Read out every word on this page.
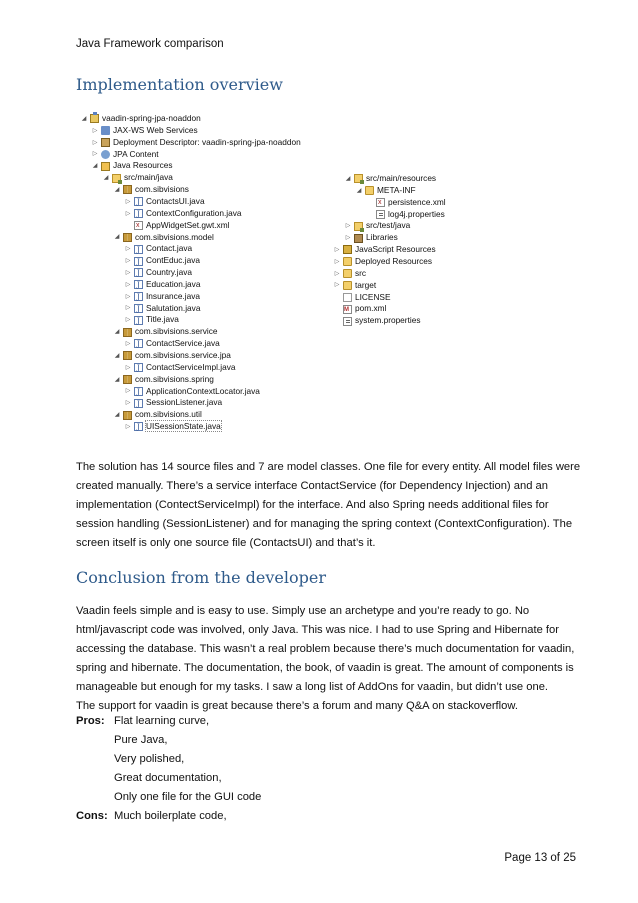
Java Framework comparison
Implementation overview
◢ vaadin-spring-jpa-noaddon
▷ JAX-WS Web Services
▷ Deployment Descriptor: vaadin-spring-jpa-noaddon
▷ JPA Content
◢ Java Resources
◢ src/main/java
◢ com.sibvisions
▷ J ContactsUI.java
▷ J ContextConfiguration.java
xAppWidgetSet.gwt.xml
◢ com.sibvisions.model
▷ J Contact.java
▷ J ContEduc.java
▷ J Country.java
▷ J Education.java
▷ J Insurance.java
▷ J Salutation.java
▷ J Title.java
◢ com.sibvisions.service
▷ J ContactService.java
◢ com.sibvisions.service.jpa
▷ J ContactServiceImpl.java
◢ com.sibvisions.spring
▷ J ApplicationContextLocator.java
▷ J SessionListener.java
◢ com.sibvisions.util
▷ J UISessionState.java
◢ src/main/resources
◢ META-INF
xpersistence.xml
log4j.properties
▷ src/test/java
▷ Libraries
▷ JavaScript Resources
▷ Deployed Resources
▷ src
▷ target
LICENSE
Mpom.xml
system.properties

The solution has 14 source files and 7 are model classes. One file for every entity. All model files were

created manually. There’s a service interface ContactService (for Dependency Injection) and an

implementation (ContectServiceImpl) for the interface. And also Spring needs additional files for

session handling (SessionListener) and for managing the spring context (ContextConfiguration). The

screen itself is only one source file (ContactsUI) and that’s it.

Conclusion from the developer

Vaadin feels simple and is easy to use. Simply use an archetype and you’re ready to go. No

html/javascript code was involved, only Java. This was nice. I had to use Spring and Hibernate for

accessing the database. This wasn’t a real problem because there’s much documentation for vaadin,

spring and hibernate. The documentation, the book, of vaadin is great. The amount of components is

manageable but enough for my tasks. I saw a long list of AddOns for vaadin, but didn’t use one.

The support for vaadin is great because there’s a forum and many Q&A on stackoverflow.

Pros: Flat learning curve,
Pure Java,
Very polished,
Great documentation,
Only one file for the GUI code
Cons: Much boilerplate code,
Page 13 of 25
